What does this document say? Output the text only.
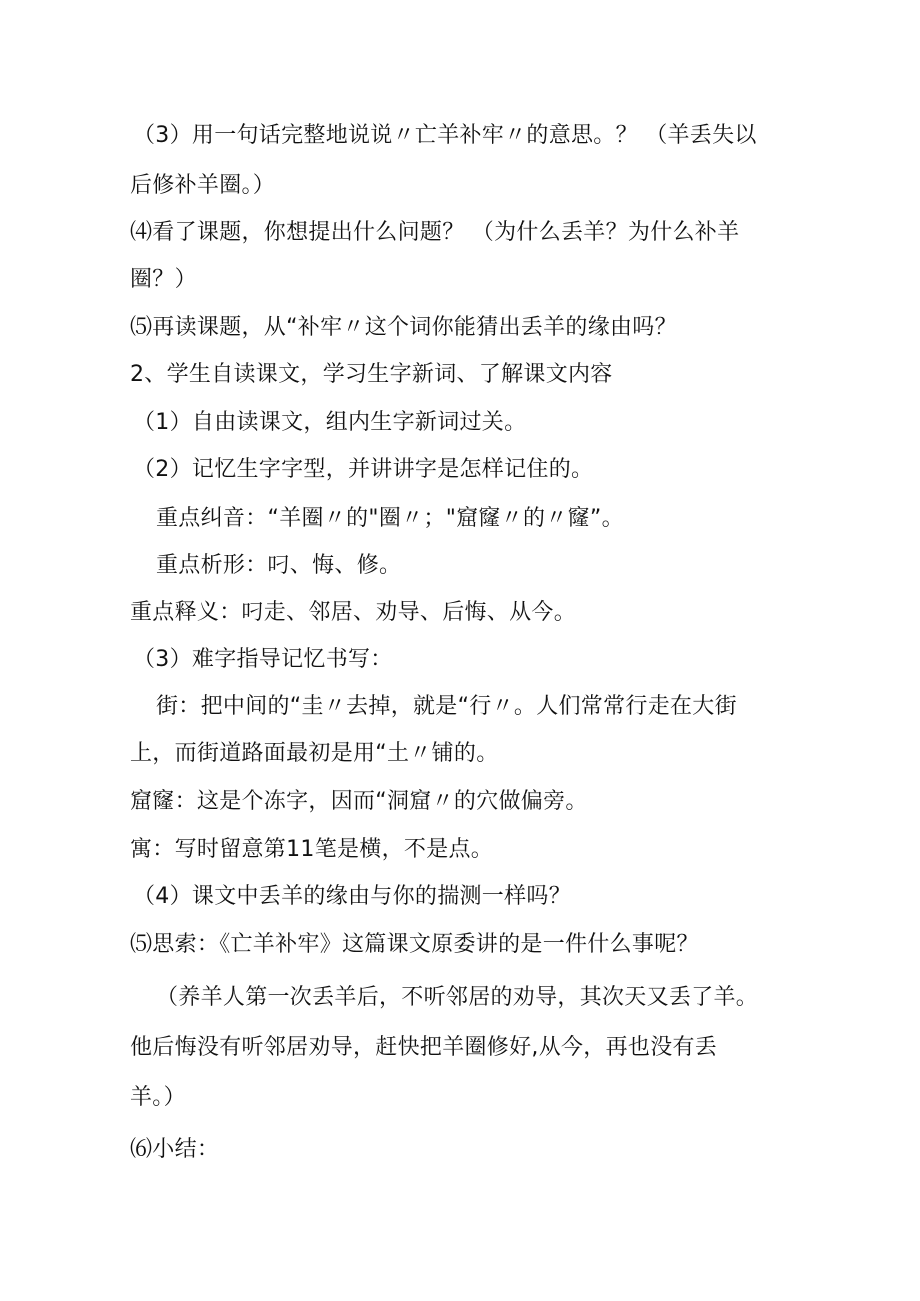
（3）用一句话完整地说说〃亡羊补牢〃的意思。？ （羊丢失以
后修补羊圈。）
⑷看了课题，你想提出什么问题？ （为什么丢羊？为什么补羊
圈？）
⑸再读课题，从“补牢〃这个词你能猜出丢羊的缘由吗？
2、学生自读课文，学习生字新词、了解课文内容
（1）自由读课文，组内生字新词过关。
（2）记忆生字字型，并讲讲字是怎样记住的。
重点纠音：“羊圈〃的"圈〃；"窟窿〃的〃窿”。
重点析形：叼、悔、修。
重点释义：叼走、邻居、劝导、后悔、从今。
（3）难字指导记忆书写：
街：把中间的“圭〃去掉，就是“行〃。人们常常行走在大街
上，而街道路面最初是用“土〃铺的。
窟窿：这是个冻字，因而“洞窟〃的穴做偏旁。
寓：写时留意第11笔是横，不是点。
（4）课文中丢羊的缘由与你的揣测一样吗？
⑸思索：《亡羊补牢》这篇课文原委讲的是一件什么事呢？
（养羊人第一次丢羊后，不听邻居的劝导，其次天又丢了羊。
他后悔没有听邻居劝导，赶快把羊圈修好,从今，再也没有丢
羊。）
⑹小结：
